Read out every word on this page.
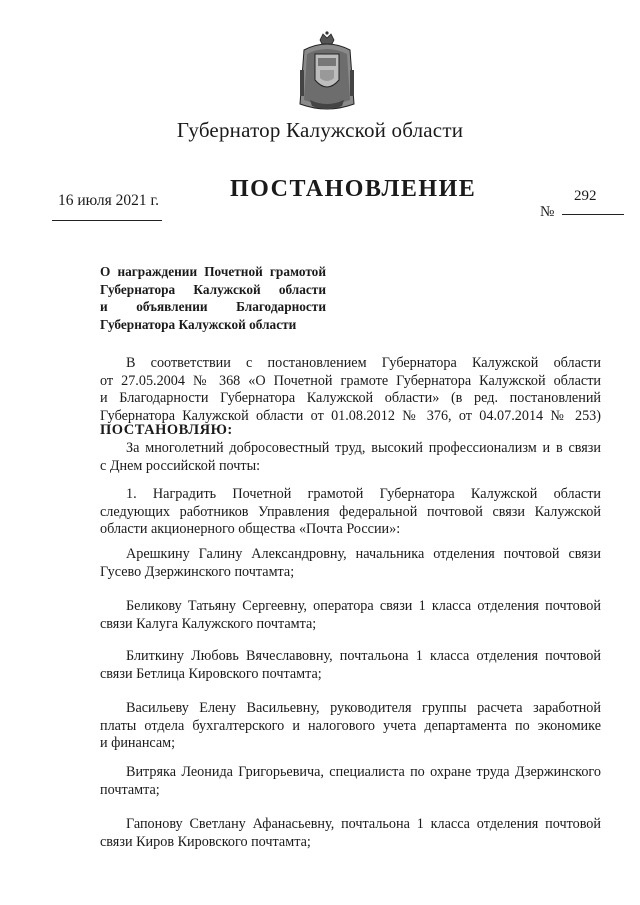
Губернатор Калужской области
ПОСТАНОВЛЕНИЕ
16 июля 2021 г.
№
292
О награждении Почетной грамотой
Губернатора Калужской области
и объявлении Благодарности
Губернатора Калужской области
В соответствии с постановлением Губернатора Калужской области
от 27.05.2004 № 368 «О Почетной грамоте Губернатора Калужской области
и Благодарности Губернатора Калужской области» (в ред. постановлений
Губернатора Калужской области от 01.08.2012 № 376, от 04.07.2014 № 253)
ПОСТАНОВЛЯЮ:
За многолетний добросовестный труд, высокий профессионализм и в связи
с Днем российской почты:
1. Наградить Почетной грамотой Губернатора Калужской области
следующих работников Управления федеральной почтовой связи Калужской
области акционерного общества «Почта России»:
Арешкину Галину Александровну, начальника отделения почтовой связи
Гусево Дзержинского почтамта;
Беликову Татьяну Сергеевну, оператора связи 1 класса отделения почтовой
связи Калуга Калужского почтамта;
Блиткину Любовь Вячеславовну, почтальона 1 класса отделения почтовой
связи Бетлица Кировского почтамта;
Васильеву Елену Васильевну, руководителя группы расчета заработной
платы отдела бухгалтерского и налогового учета департамента по экономике
и финансам;
Витряка Леонида Григорьевича, специалиста по охране труда Дзержинского
почтамта;
Гапонову Светлану Афанасьевну, почтальона 1 класса отделения почтовой
связи Киров Кировского почтамта;
